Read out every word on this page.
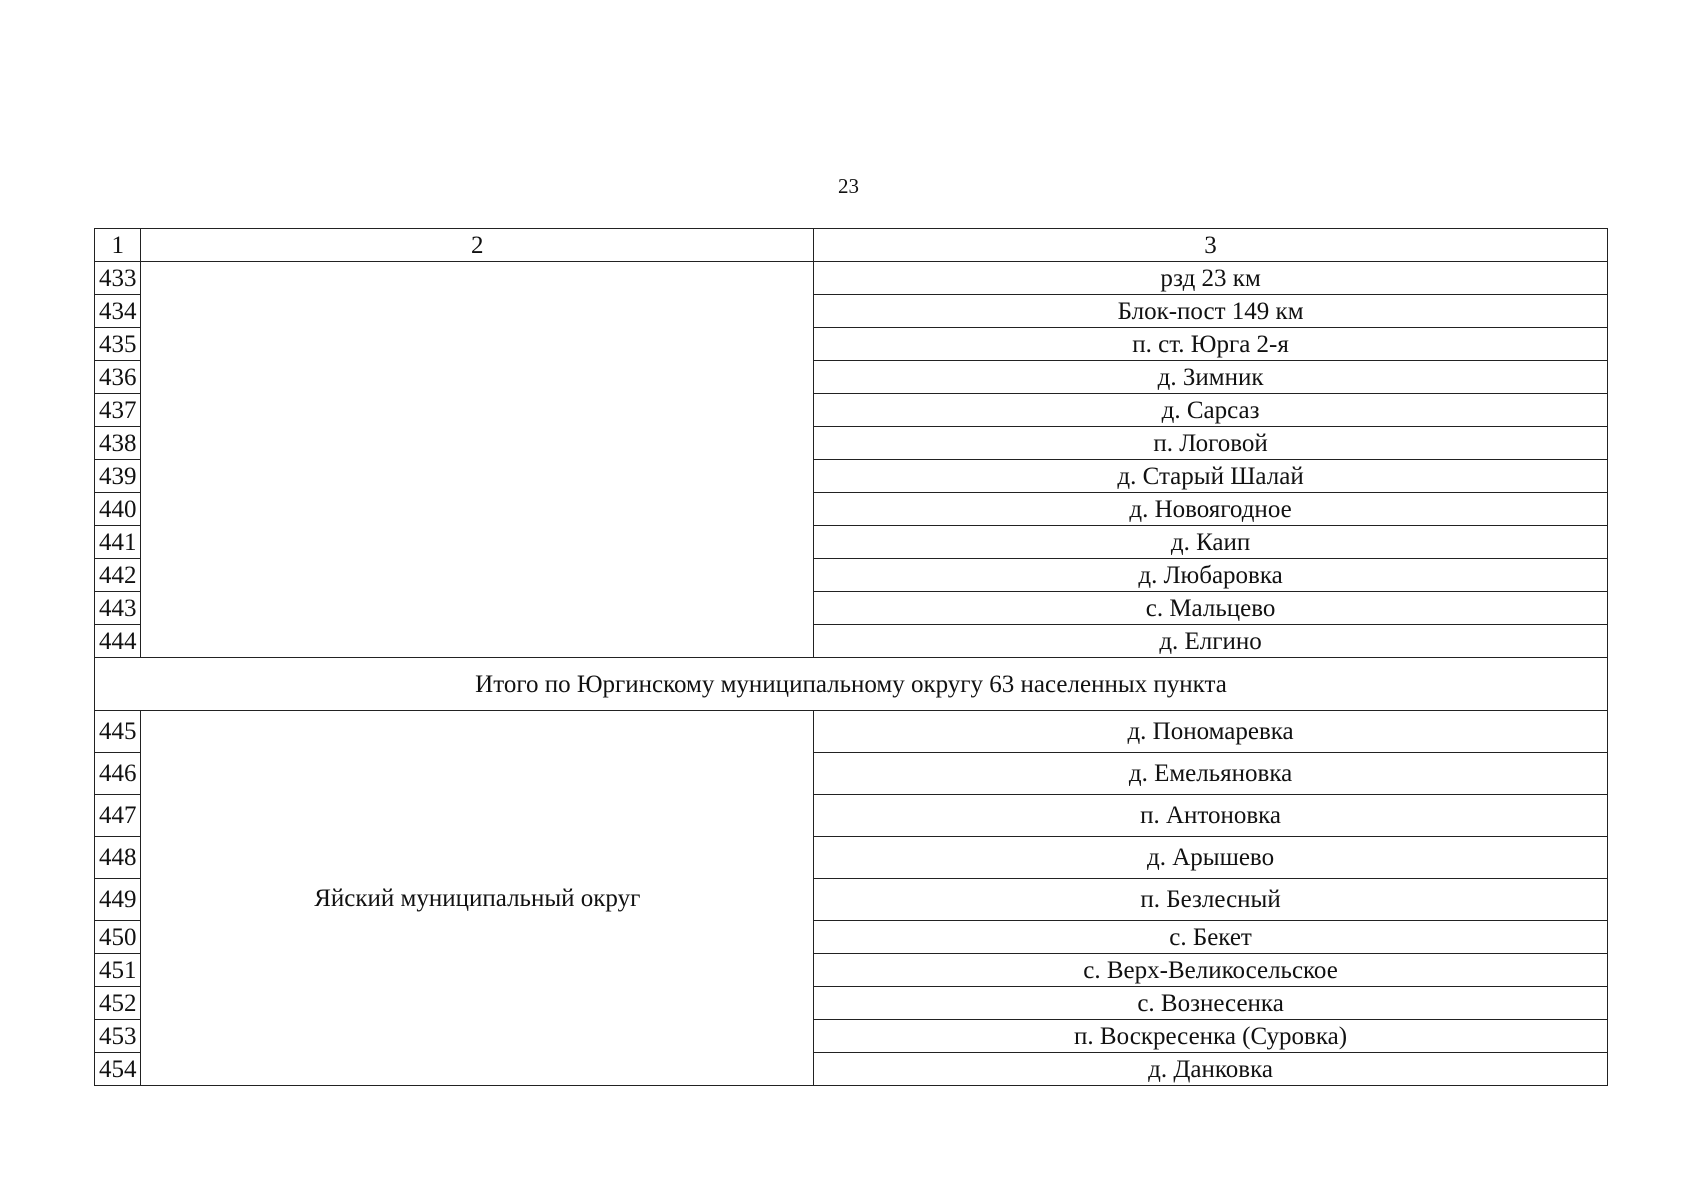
23
1	2	3
433		рзд 23 км
434		Блок-пост 149 км
435		п. ст. Юрга 2-я
436		д. Зимник
437		д. Сарсаз
438		п. Логовой
439		д. Старый Шалай
440		д. Новоягодное
441		д. Каип
442		д. Любаровка
443		с. Мальцево
444		д. Елгино
Итого по Юргинскому муниципальному округу 63 населенных пункта		
445	Яйский муниципальный округ	д. Пономаревка
446		д. Емельяновка
447		п. Антоновка
448		д. Арышево
449		п. Безлесный
450		с. Бекет
451		с. Верх-Великосельское
452		с. Вознесенка
453		п. Воскресенка (Суровка)
454		д. Данковка
